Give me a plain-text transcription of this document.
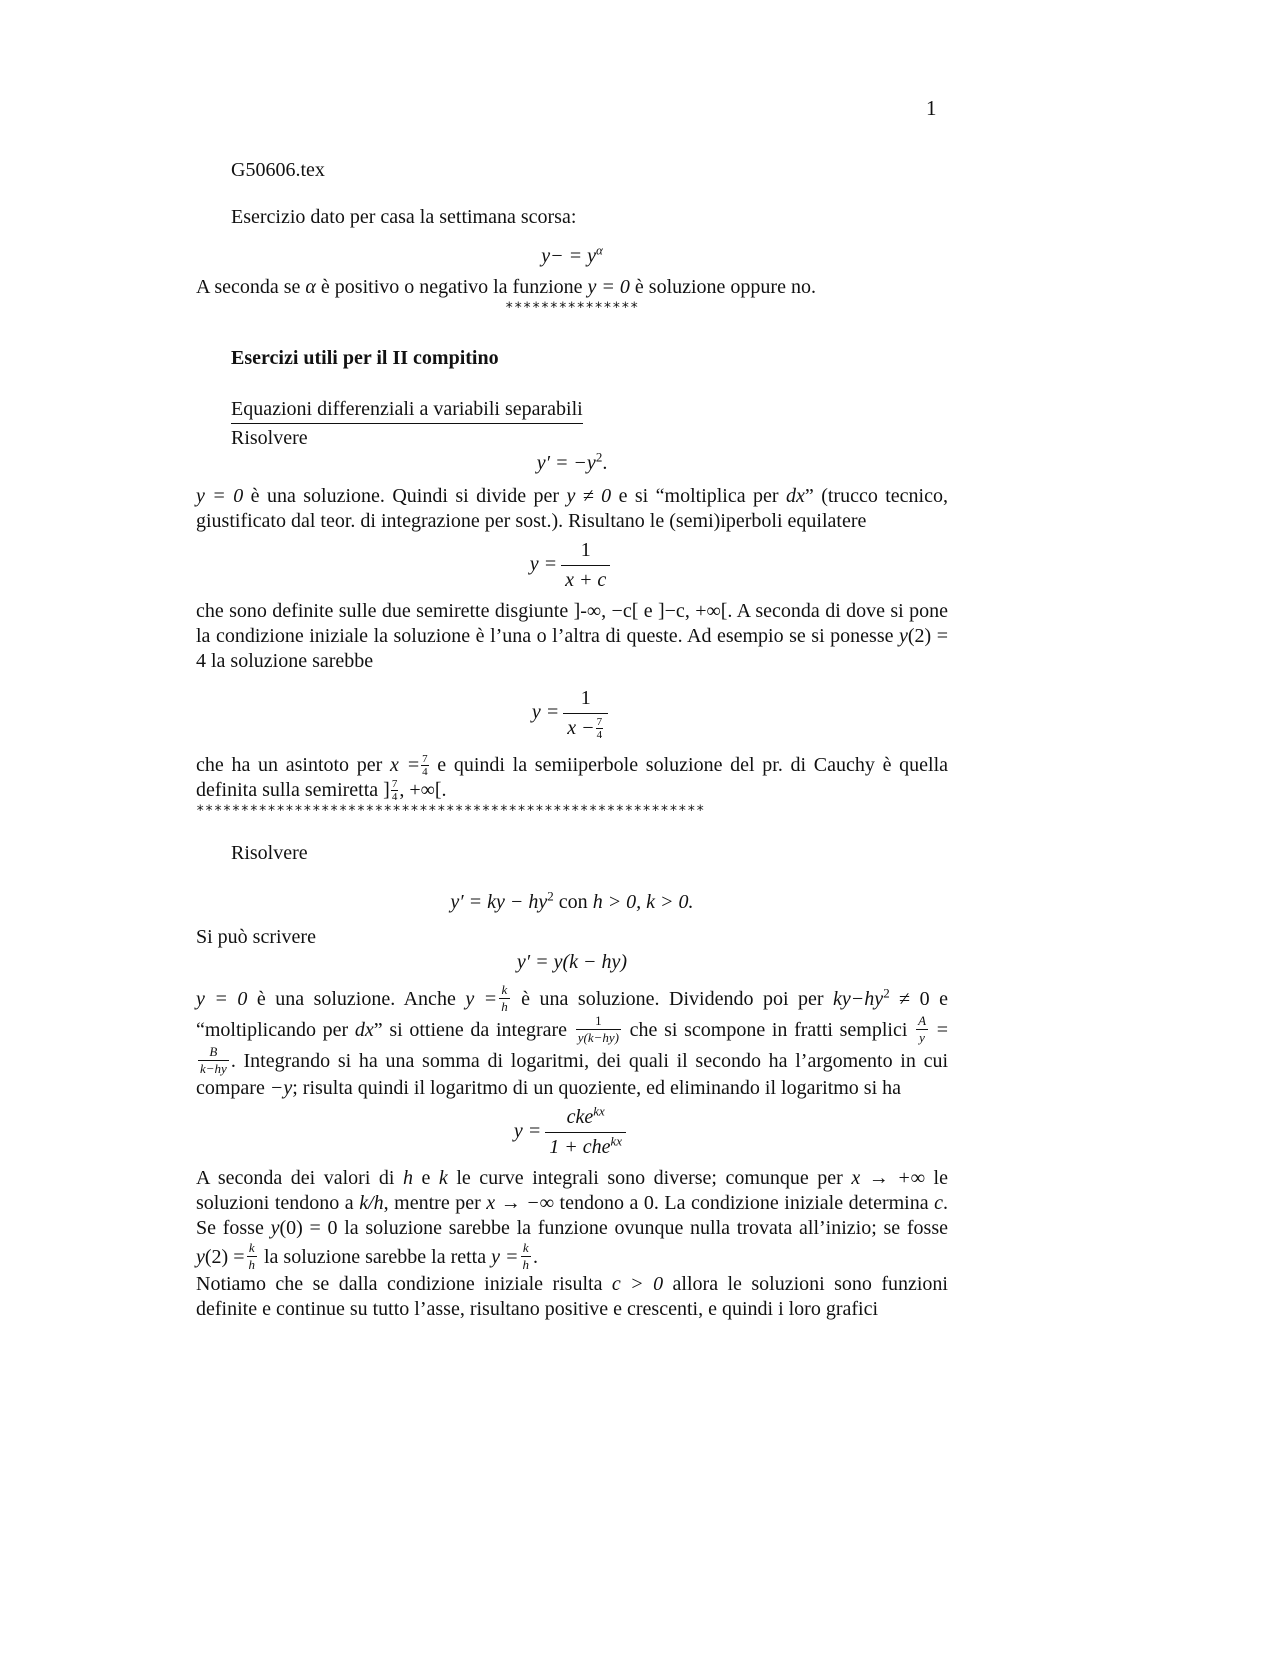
1

G50606.tex

Esercizio dato per casa la settimana scorsa:

$y- = y^\alpha$

A seconda se α è positivo o negativo la funzione y = 0 è soluzione oppure no.

***************

Esercizi utili per il II compitino

Equazioni differenziali a variabili separabili

Risolvere

$y' = -y^2$.

y = 0 è una soluzione. Quindi si divide per y ≠ 0 e si “moltiplica per dx” (trucco tecnico, giustificato dal teor. di integrazione per sost.). Risultano le (semi)iperboli equilatere

$y = \frac{1}{x + c}$

che sono definite sulle due semirette disgiunte ]-∞, −c[ e ]−c, +∞[. A seconda di dove si pone la condizione iniziale la soluzione è l’una o l’altra di queste. Ad esempio se si ponesse y(2) = 4 la soluzione sarebbe

$y = \frac{1}{x - \frac{7}{4}}$

che ha un asintoto per $x = \frac{7}{4}$ e quindi la semiiperbole soluzione del pr. di Cauchy è quella definita sulla semiretta ] $\frac{7}{4}$ , +∞[.

*********************************************************

Risolvere

y′ = ky − $hy^2$ con h > 0, k > 0.

Si può scrivere

y′ = y(k − hy)

y = 0 è una soluzione. Anche $y = \frac{k}{h}$ è una soluzione. Dividendo poi per $ky-hy^2 \ne 0$ e “moltiplicando per dx” si ottiene da integrare $\frac{1}{y(k-hy)}$ che si scompone in fratti semplici $\frac{A}{y}$ =
$\frac{B}{k-hy}$ . Integrando si ha una somma di logaritmi, dei quali il secondo ha l’argomento in cui compare −y; risulta quindi il logaritmo di un quoziente, ed eliminando il logaritmo si ha

$y = \frac{cke^{kx}}{1 + che^{kx}}$

A seconda dei valori di h e k le curve integrali sono diverse; comunque per x → +∞ le soluzioni tendono a k/h, mentre per x → −∞ tendono a 0. La condizione iniziale determina c. Se fosse y(0) = 0 la soluzione sarebbe la funzione ovunque nulla trovata all’inizio; se fosse $y(2) = \frac{k}{h}$ la soluzione sarebbe la retta $y = \frac{k}{h}$ .

Notiamo che se dalla condizione iniziale risulta c > 0 allora le soluzioni sono funzioni definite e continue su tutto l’asse, risultano positive e crescenti, e quindi i loro grafici
